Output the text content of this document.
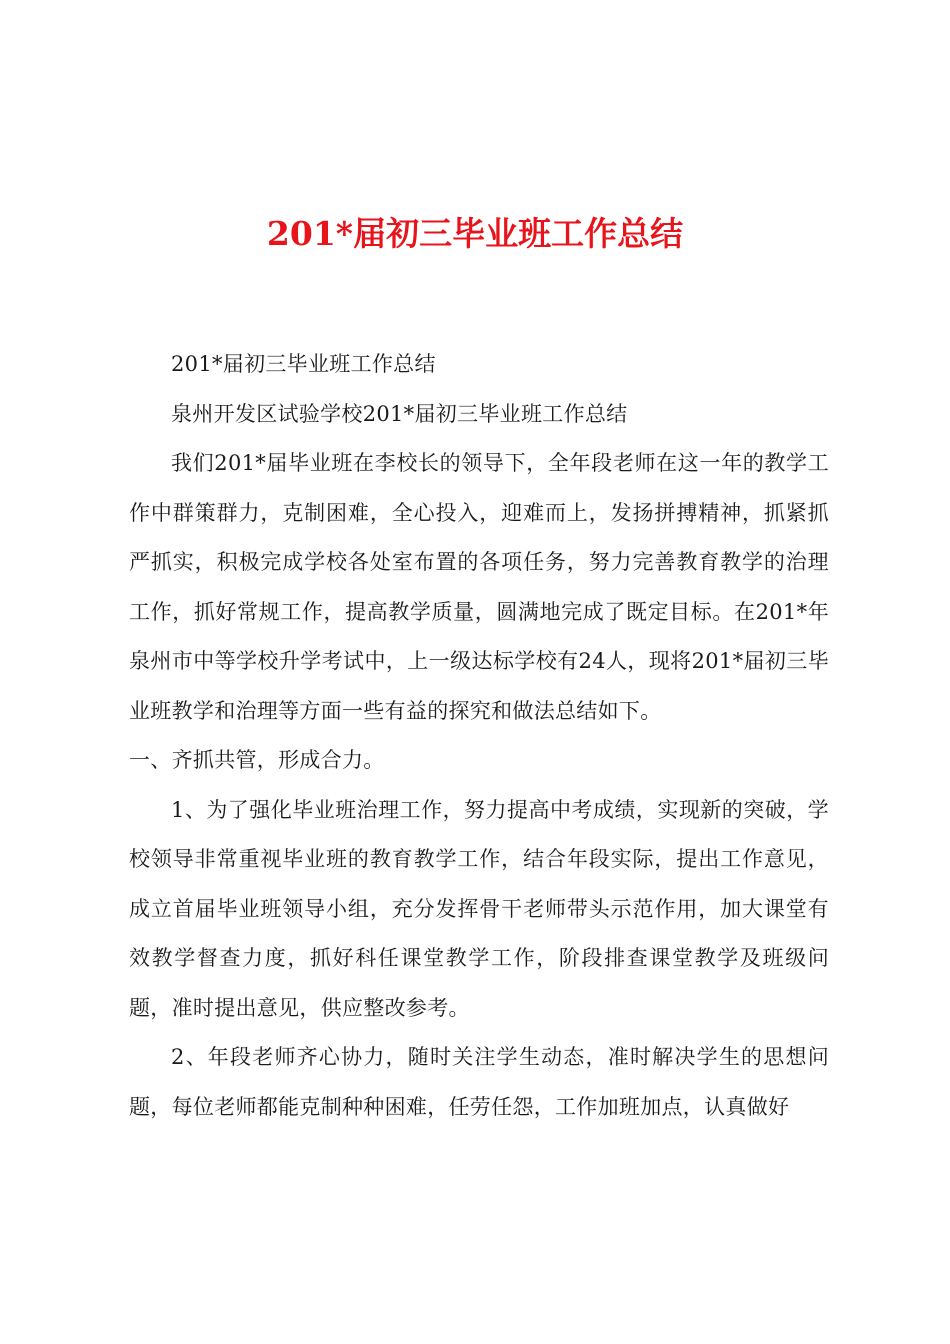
201*届初三毕业班工作总结

201*届初三毕业班工作总结

泉州开发区试验学校201*届初三毕业班工作总结

我们201*届毕业班在李校长的领导下，全年段老师在这一年的教学工作中群策群力，克制困难，全心投入，迎难而上，发扬拼搏精神，抓紧抓严抓实，积极完成学校各处室布置的各项任务，努力完善教育教学的治理工作，抓好常规工作，提高教学质量，圆满地完成了既定目标。在201*年泉州市中等学校升学考试中，上一级达标学校有24人，现将201*届初三毕业班教学和治理等方面一些有益的探究和做法总结如下。

一、齐抓共管，形成合力。

1、为了强化毕业班治理工作，努力提高中考成绩，实现新的突破，学校领导非常重视毕业班的教育教学工作，结合年段实际，提出工作意见，成立首届毕业班领导小组，充分发挥骨干老师带头示范作用，加大课堂有效教学督查力度，抓好科任课堂教学工作，阶段排查课堂教学及班级问题，准时提出意见，供应整改参考。

2、年段老师齐心协力，随时关注学生动态，准时解决学生的思想问题，每位老师都能克制种种困难，任劳任怨，工作加班加点，认真做好
